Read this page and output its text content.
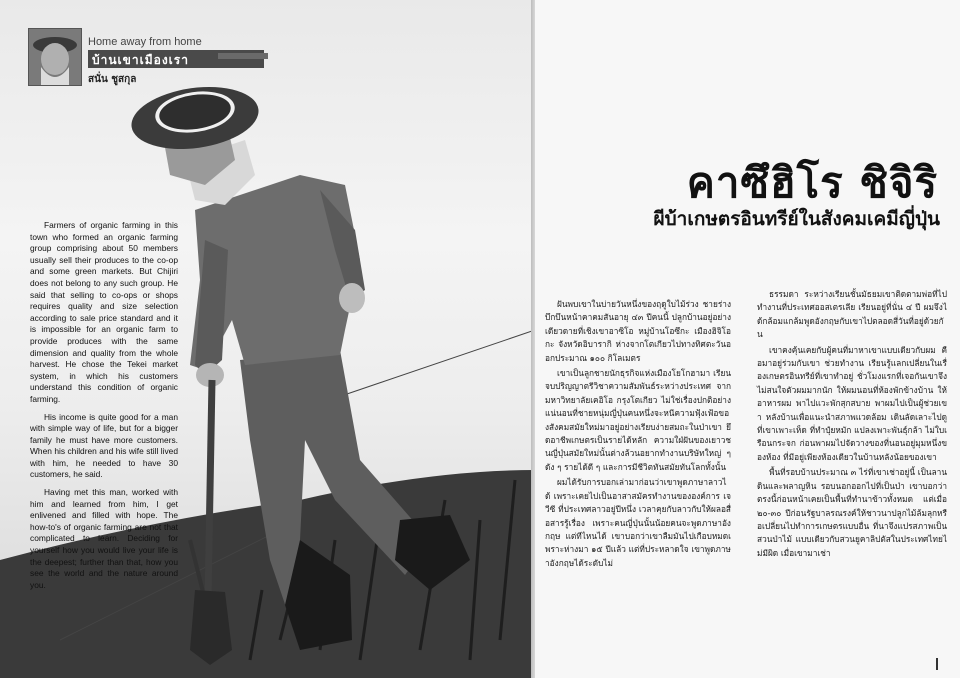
Home away from home
บ้านเขาเมืองเรา
สนั่น ชูสกุล

Farmers of organic farming in this town who formed an organic farming group comprising about 50 members usually sell their produces to the co-op and some green markets. But Chijiri does not belong to any such group. He said that selling to co-ops or shops requires quality and size selection according to sale price standard and it is impossible for an organic farm to provide produces with the same dimension and quality from the whole harvest. He chose the Tekei market system, in which his customers understand this condition of organic farming.

His income is quite good for a man with simple way of life, but for a bigger family he must have more customers. When his children and his wife still lived with him, he needed to have 30 customers, he said.

Having met this man, worked with him and learned from him, I get enlivened and filled with hope. The how-to's of organic farming are not that complicated to learn. Deciding for yourself how you would live your life is the deepest; further than that, how you see the world and the nature around you.

คาซึฮิโร ชิจิริ
ผีบ้าเกษตรอินทรีย์ในสังคมเคมีญี่ปุ่น

ฝันพบเขาในบ่ายวันหนึ่งของฤดูใบไม้ร่วง ชายร่างบึกบึนหน้าคาคมสันอายุ ๔๓ ปีคนนี้ ปลูกบ้านอยู่อย่างเดียวดายที่เชิงเขาอาซิโอ หมู่บ้านโอซึกะ เมืองฮิจิโอกะ จังหวัดอิบารากิ ห่างจากโตเกียวไปทางทิศตะวันออกประมาณ ๑๐๐ กิโลเมตร

เขาเป็นลูกชายนักธุรกิจแห่งเมืองโยโกฮามา เรียนจบปริญญาตรีวิชาความสัมพันธ์ระหว่างประเทศ จากมหาวิทยาลัยเคอิโอ กรุงโตเกียว ไม่ใช่เรื่องปกติอย่างแน่นอนที่ชายหนุ่มญี่ปุ่นคนหนึ่งจะหนีความฟุ้งเฟ้อของสังคมสมัยใหม่มาอยู่อย่างเรียบง่ายสมถะในป่าเขา ยึดอาชีพเกษตรเป็นรายได้หลัก ความใฝ่ฝันของเยาวชนญี่ปุ่นสมัยใหม่นั้นต่างล้วนอยากทำงานบริษัทใหญ่ ๆ ดัง ๆ รายได้ดี ๆ และการมีชีวิตทันสมัยทันโลกทั้งนั้น

ผมได้รับการบอกเล่ามาก่อนว่าเขาพูดภาษาลาวได้ เพราะเคยไปเป็นอาสาสมัครทำงานขององค์การ เจวีซี ที่ประเทศลาวอยู่ปีหนึ่ง เวลาคุยกับลาวกับให้ผลอสื่อสารรู้เรื่อง เพราะคนญี่ปุ่นนั้นน้อยคนจะพูดภาษาอังกฤษ แต่ทีไหนได้ เขาบอกว่าเขาลืมมันไปเกือบหมดเพราะห่างมา ๑๕ ปีแล้ว แต่ที่ประหลาดใจ เขาพูดภาษาอังกฤษได้ระดับไม่

ธรรมดา ระหว่างเรียนชั้นมัธยมเขาติดตามพ่อที่ไปทำงานที่ประเทศออสเตรเลีย เรียนอยู่ที่นั่น ๔ ปี ผมจึงได้กล้อมแกล้มพูดอังกฤษกับเขาไปตลอดสี่วันที่อยู่ด้วยกัน

เขาคงคุ้นเคยกับผู้คนที่มาหาเขาแบบเดียวกับผม คือมาอยู่ร่วมกับเขา ช่วยทำงาน เรียนรู้แลกเปลี่ยนในเรื่องเกษตรอินทรีย์ที่เขาทำอยู่ ชั่วโมงแรกที่เจอกันเขาจึงไม่สนใจตัวผมมากนัก ให้ผมนอนที่ห้องพักข้างบ้าน ให้อาหารผม พาไปแวะพักสุกสบาย พาผมไปเป็นผู้ช่วยเขา หลังบ้านเพื่อแนะนำสภาพแวดล้อม เดินลัดเลาะไปดูที่เขาเพาะเห็ด ที่ทำปุ๋ยหมัก แปลงเพาะพันธุ์กล้า ไม่ใบเรือนกระจก ก่อนพาผมไปจัดวางของที่นอนอยู่มุมหนึ่งของห้อง ที่มีอยู่เพียงห้องเดียวในบ้านหลังน้อยของเขา

พื้นที่รอบบ้านประมาณ ๓ ไร่ที่เขาเช่าอยู่นี้ เป็นลานดินและพลาญหิน รอบนอกออกไปที่เป็นป่า เขาบอกว่าตรงนี้ก่อนหน้าเคยเป็นพื้นที่ทำนาข้าวทั้งหมด แต่เมื่อ ๒๐-๓๐ ปีก่อนรัฐบาลรณรงค์ให้ชาวนาปลูกไม้ล้มลุกหรือเปลี่ยนไปทำการเกษตรแบบอื่น ที่นาจึงแปรสภาพเป็นสวนป่าไม้ แบบเดียวกับสวนยูคาลิปตัสในประเทศไทยไม่มีผิด เมื่อเขามาเช่า
